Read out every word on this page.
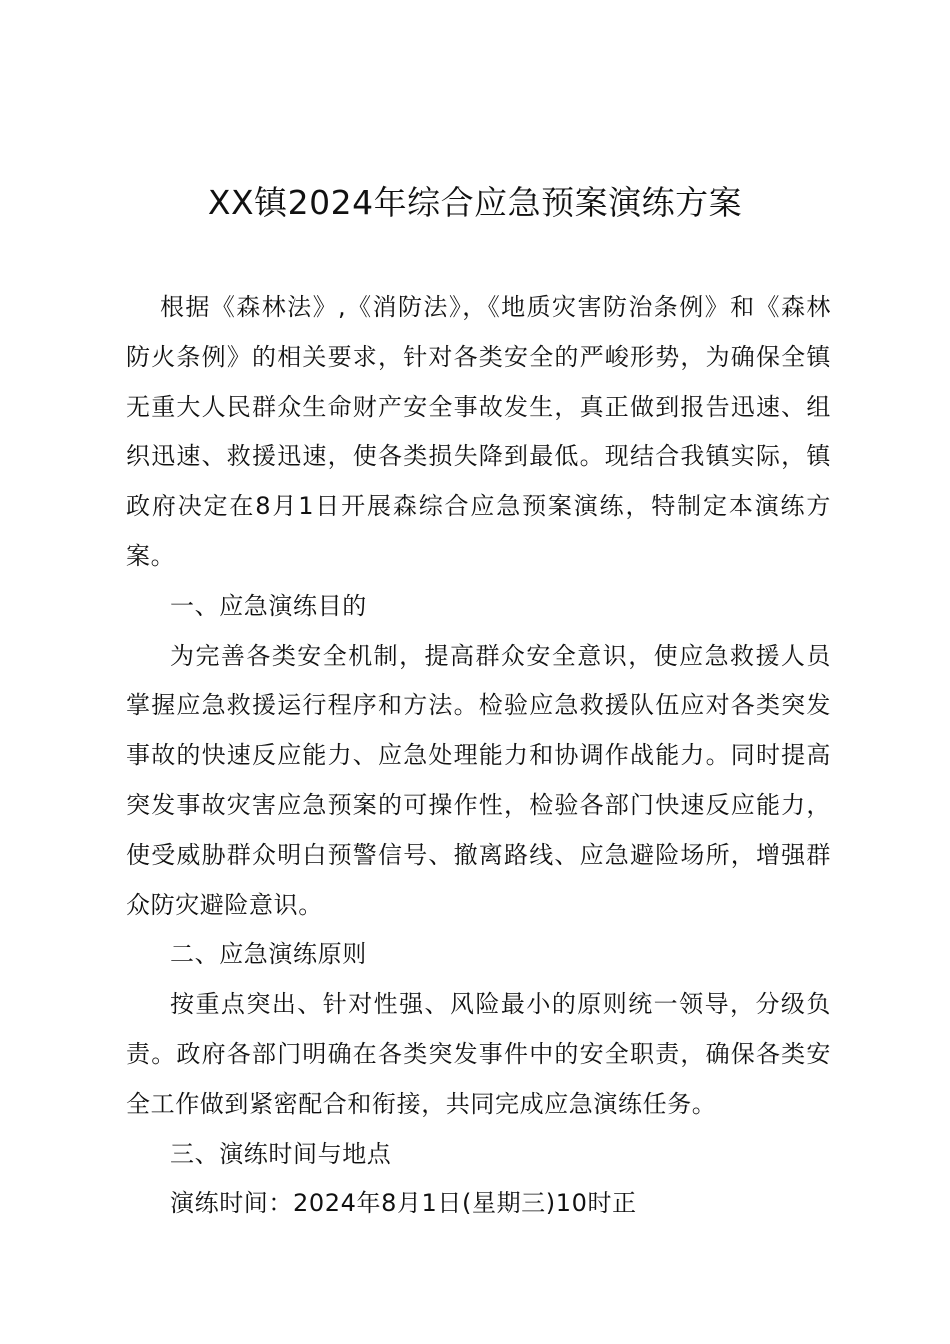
XX镇2024年综合应急预案演练方案

根据《森林法》,《消防法》，《地质灾害防治条例》和《森林防火条例》的相关要求，针对各类安全的严峻形势，为确保全镇无重大人民群众生命财产安全事故发生，真正做到报告迅速、组织迅速、救援迅速，使各类损失降到最低。现结合我镇实际，镇政府决定在8月1日开展森综合应急预案演练，特制定本演练方案。

一、应急演练目的

为完善各类安全机制，提高群众安全意识，使应急救援人员掌握应急救援运行程序和方法。检验应急救援队伍应对各类突发事故的快速反应能力、应急处理能力和协调作战能力。同时提高突发事故灾害应急预案的可操作性，检验各部门快速反应能力，使受威胁群众明白预警信号、撤离路线、应急避险场所，增强群众防灾避险意识。

二、应急演练原则

按重点突出、针对性强、风险最小的原则统一领导，分级负责。政府各部门明确在各类突发事件中的安全职责，确保各类安全工作做到紧密配合和衔接，共同完成应急演练任务。

三、演练时间与地点

演练时间：2024年8月1日(星期三)10时正
